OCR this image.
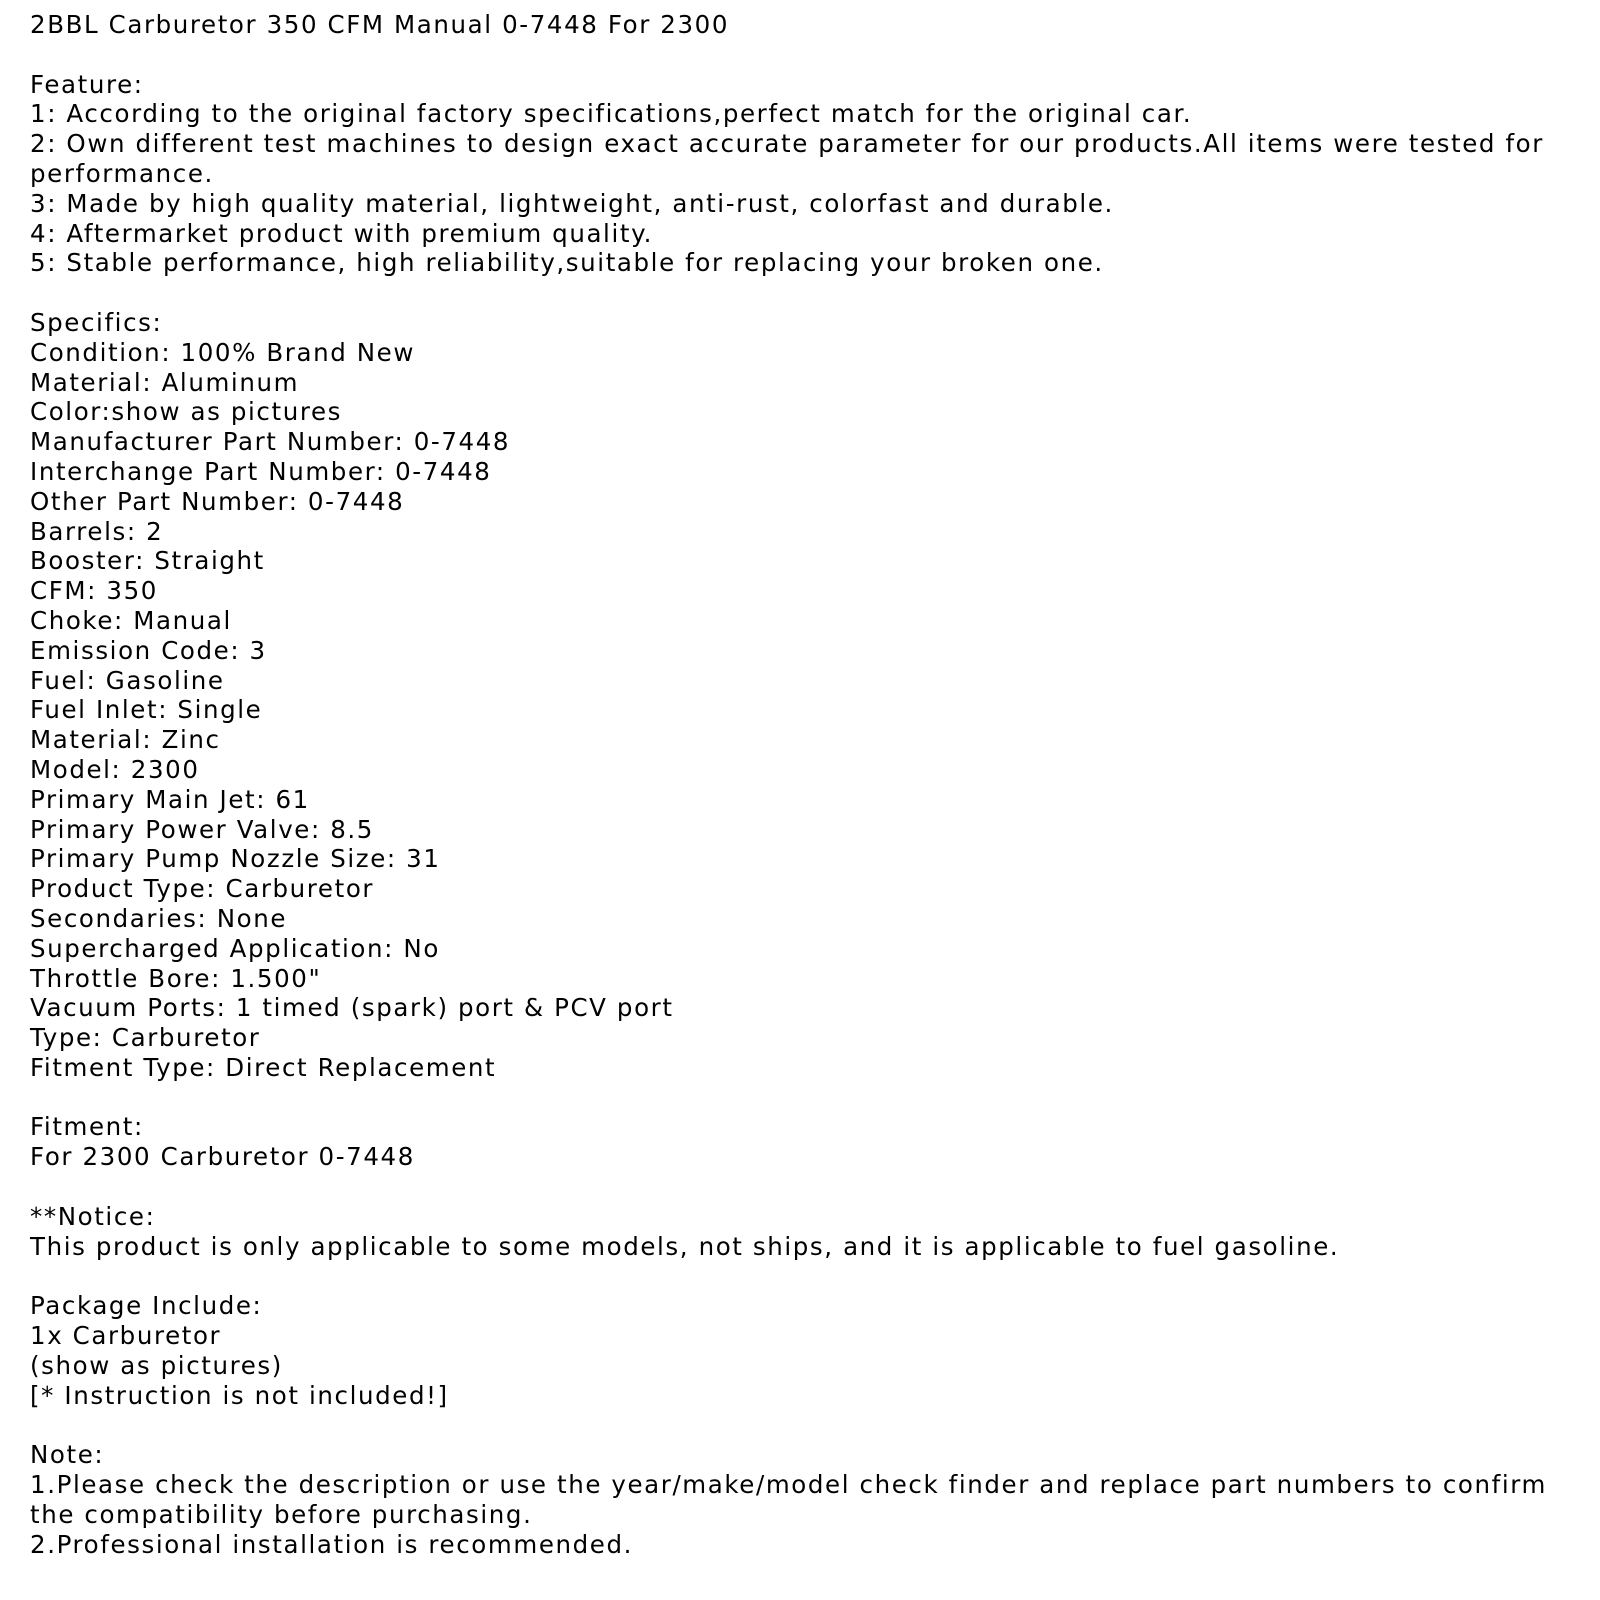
2BBL Carburetor 350 CFM Manual 0-7448 For 2300

Feature:

1: According to the original factory specifications,perfect match for the original car.

2: Own different test machines to design exact accurate parameter for our products.All items were tested for performance.

3: Made by high quality material, lightweight, anti-rust, colorfast and durable.

4: Aftermarket product with premium quality.

5: Stable performance, high reliability,suitable for replacing your broken one.

Specifics:

Condition: 100% Brand New

Material: Aluminum

Color:show as pictures

Manufacturer Part Number: 0-7448

Interchange Part Number: 0-7448

Other Part Number: 0-7448

Barrels: 2

Booster: Straight

CFM: 350

Choke: Manual

Emission Code: 3

Fuel: Gasoline

Fuel Inlet: Single

Material: Zinc

Model: 2300

Primary Main Jet: 61

Primary Power Valve: 8.5

Primary Pump Nozzle Size: 31

Product Type: Carburetor

Secondaries: None

Supercharged Application: No

Throttle Bore: 1.500"

Vacuum Ports: 1 timed (spark) port & PCV port

Type: Carburetor

Fitment Type: Direct Replacement

Fitment:

For 2300 Carburetor 0-7448

**Notice:

This product is only applicable to some models, not ships, and it is applicable to fuel gasoline.

Package Include:

1x Carburetor

(show as pictures)

[* Instruction is not included!]

Note:

1.Please check the description or use the year/make/model check finder and replace part numbers to confirm the compatibility before purchasing.

2.Professional installation is recommended.
